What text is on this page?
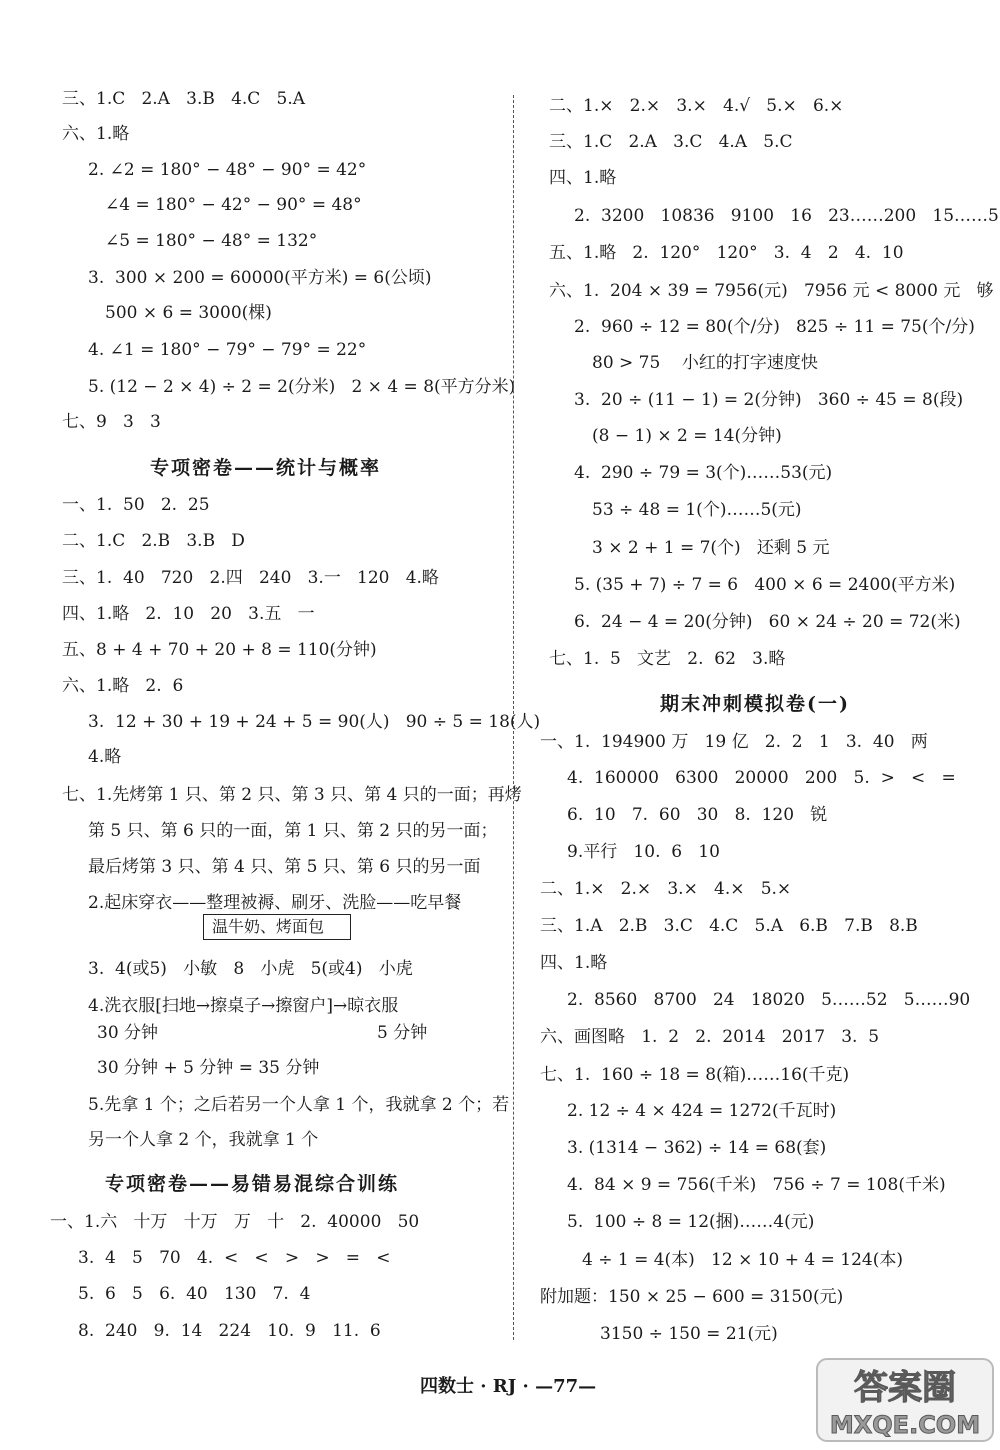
三、1.C   2.A   3.B   4.C   5.A
六、1.略
2. ∠2 = 180° − 48° − 90° = 42°
∠4 = 180° − 42° − 90° = 48°
∠5 = 180° − 48° = 132°
3.  300 × 200 = 60000(平方米) = 6(公顷)
500 × 6 = 3000(棵)
4. ∠1 = 180° − 79° − 79° = 22°
5. (12 − 2 × 4) ÷ 2 = 2(分米)   2 × 4 = 8(平方分米)
七、9   3   3
专项密卷——统计与概率
一、1.  50   2.  25
二、1.C   2.B   3.B   D
三、1.  40   720   2.四   240   3.一   120   4.略
四、1.略   2.  10   20   3.五   一
五、8 + 4 + 70 + 20 + 8 = 110(分钟)
六、1.略   2.  6
3.  12 + 30 + 19 + 24 + 5 = 90(人)   90 ÷ 5 = 18(人)
4.略
七、1.先烤第 1 只、第 2 只、第 3 只、第 4 只的一面；再烤
第 5 只、第 6 只的一面，第 1 只、第 2 只的另一面；
最后烤第 3 只、第 4 只、第 5 只、第 6 只的另一面
2.起床穿衣——整理被褥、刷牙、洗脸——吃早餐
温牛奶、烤面包
3.  4(或5)   小敏   8   小虎   5(或4)   小虎
4.洗衣服[扫地→擦桌子→擦窗户]→晾衣服
30 分钟	5 分钟
30 分钟 + 5 分钟 = 35 分钟
5.先拿 1 个；之后若另一个人拿 1 个，我就拿 2 个；若
另一个人拿 2 个，我就拿 1 个
专项密卷——易错易混综合训练
一、1.六   十万   十万   万   十   2.  40000   50
3.  4   5   70   4.  <   <   >   >   =   <
5.  6   5   6.  40   130   7.  4
8.  240   9.  14   224   10.  9   11.  6
二、1.×   2.×   3.×   4.√   5.×   6.×
三、1.C   2.A   3.C   4.A   5.C
四、1.略
2.  3200   10836   9100   16   23……200   15……5
五、1.略   2.  120°   120°   3.  4   2   4.  10
六、1.  204 × 39 = 7956(元)   7956 元 < 8000 元   够
2.  960 ÷ 12 = 80(个/分)   825 ÷ 11 = 75(个/分)
80 > 75    小红的打字速度快
3.  20 ÷ (11 − 1) = 2(分钟)   360 ÷ 45 = 8(段)
(8 − 1) × 2 = 14(分钟)
4.  290 ÷ 79 = 3(个)……53(元)
53 ÷ 48 = 1(个)……5(元)
3 × 2 + 1 = 7(个)   还剩 5 元
5. (35 + 7) ÷ 7 = 6   400 × 6 = 2400(平方米)
6.  24 − 4 = 20(分钟)   60 × 24 ÷ 20 = 72(米)
七、1.  5   文艺   2.  62   3.略
期末冲刺模拟卷(一)
一、1.  194900 万   19 亿   2.  2   1   3.  40   两
4.  160000   6300   20000   200   5.  >   <   =
6.  10   7.  60   30   8.  120   锐
9.平行   10.  6   10
二、1.×   2.×   3.×   4.×   5.×
三、1.A   2.B   3.C   4.C   5.A   6.B   7.B   8.B
四、1.略
2.  8560   8700   24   18020   5……52   5……90
六、画图略   1.  2   2.  2014   2017   3.  5
七、1.  160 ÷ 18 = 8(箱)……16(千克)
2. 12 ÷ 4 × 424 = 1272(千瓦时)
3. (1314 − 362) ÷ 14 = 68(套)
4.  84 × 9 = 756(千米)   756 ÷ 7 = 108(千米)
5.  100 ÷ 8 = 12(捆)……4(元)
4 ÷ 1 = 4(本)   12 × 10 + 4 = 124(本)
附加题：150 × 25 − 600 = 3150(元)
3150 ÷ 150 = 21(元)
四数士 · RJ · —77—	答案圈
MXQE.COM
